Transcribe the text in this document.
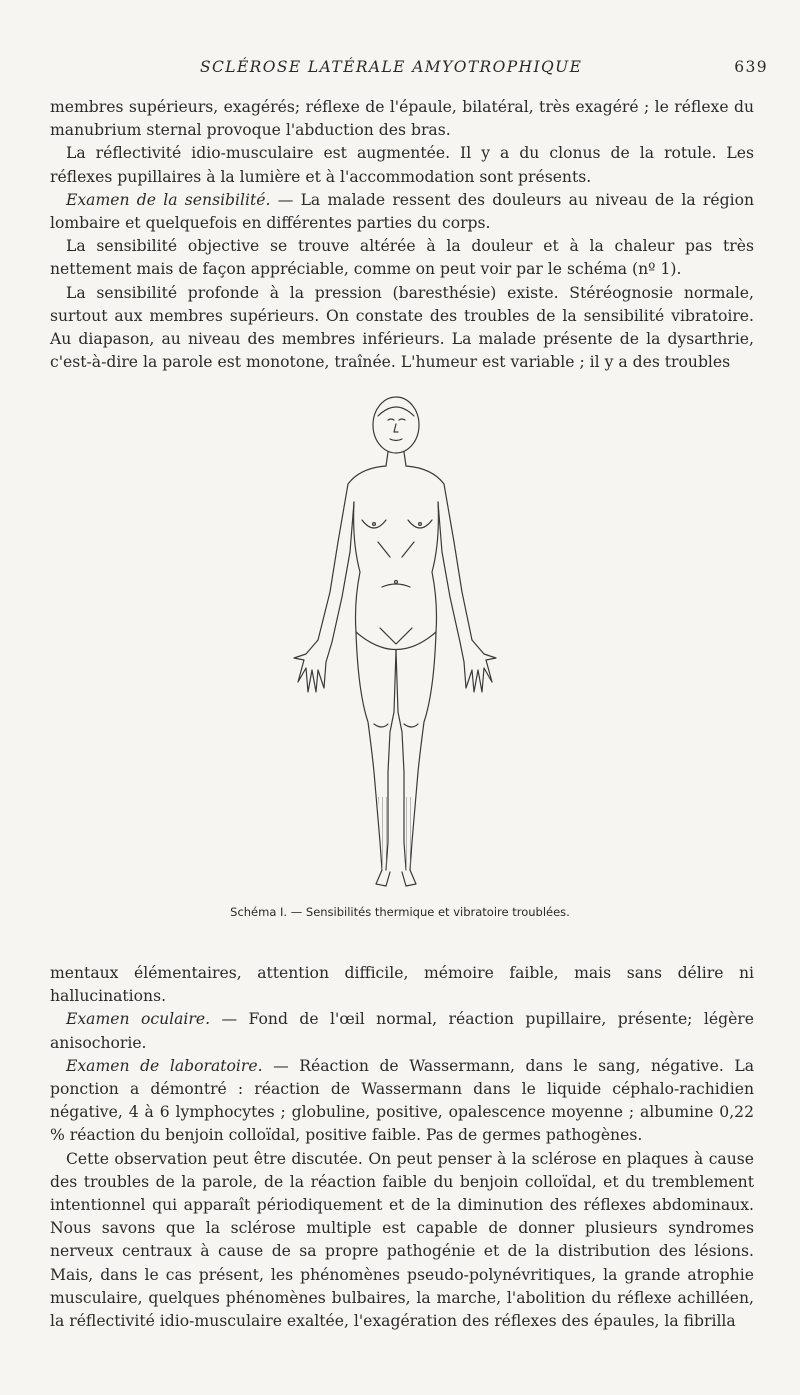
SCLÉROSE LATÉRALE AMYOTROPHIQUE	639

membres supérieurs, exagérés; réflexe de l'épaule, bilatéral, très exagéré ; le réflexe du manubrium sternal provoque l'abduction des bras.

La réflectivité idio-musculaire est augmentée. Il y a du clonus de la rotule. Les réflexes pupillaires à la lumière et à l'accommodation sont présents.

Examen de la sensibilité. — La malade ressent des douleurs au niveau de la région lombaire et quelquefois en différentes parties du corps.

La sensibilité objective se trouve altérée à la douleur et à la chaleur pas très nettement mais de façon appréciable, comme on peut voir par le schéma (nº 1).

La sensibilité profonde à la pression (baresthésie) existe. Stéréognosie normale, surtout aux membres supérieurs. On constate des troubles de la sensibilité vibratoire. Au diapason, au niveau des membres inférieurs. La malade présente de la dysarthrie, c'est-à-dire la parole est monotone, traînée. L'humeur est variable ; il y a des troubles

Schéma I. — Sensibilités thermique et vibratoire troublées.

mentaux élémentaires, attention difficile, mémoire faible, mais sans délire ni hallucinations.

Examen oculaire. — Fond de l'œil normal, réaction pupillaire, présente; légère anisochorie.

Examen de laboratoire. — Réaction de Wassermann, dans le sang, négative. La ponction a démontré : réaction de Wassermann dans le liquide céphalo-rachidien négative, 4 à 6 lymphocytes ; globuline, positive, opalescence moyenne ; albumine 0,22 % réaction du benjoin colloïdal, positive faible. Pas de germes pathogènes.

Cette observation peut être discutée. On peut penser à la sclérose en plaques à cause des troubles de la parole, de la réaction faible du benjoin colloïdal, et du tremblement intentionnel qui apparaît périodiquement et de la diminution des réflexes abdominaux. Nous savons que la sclérose multiple est capable de donner plusieurs syndromes nerveux centraux à cause de sa propre pathogénie et de la distribution des lésions. Mais, dans le cas présent, les phénomènes pseudo-polynévritiques, la grande atrophie musculaire, quelques phénomènes bulbaires, la marche, l'abolition du réflexe achilléen, la réflectivité idio-musculaire exaltée, l'exagération des réflexes des épaules, la fibrilla
